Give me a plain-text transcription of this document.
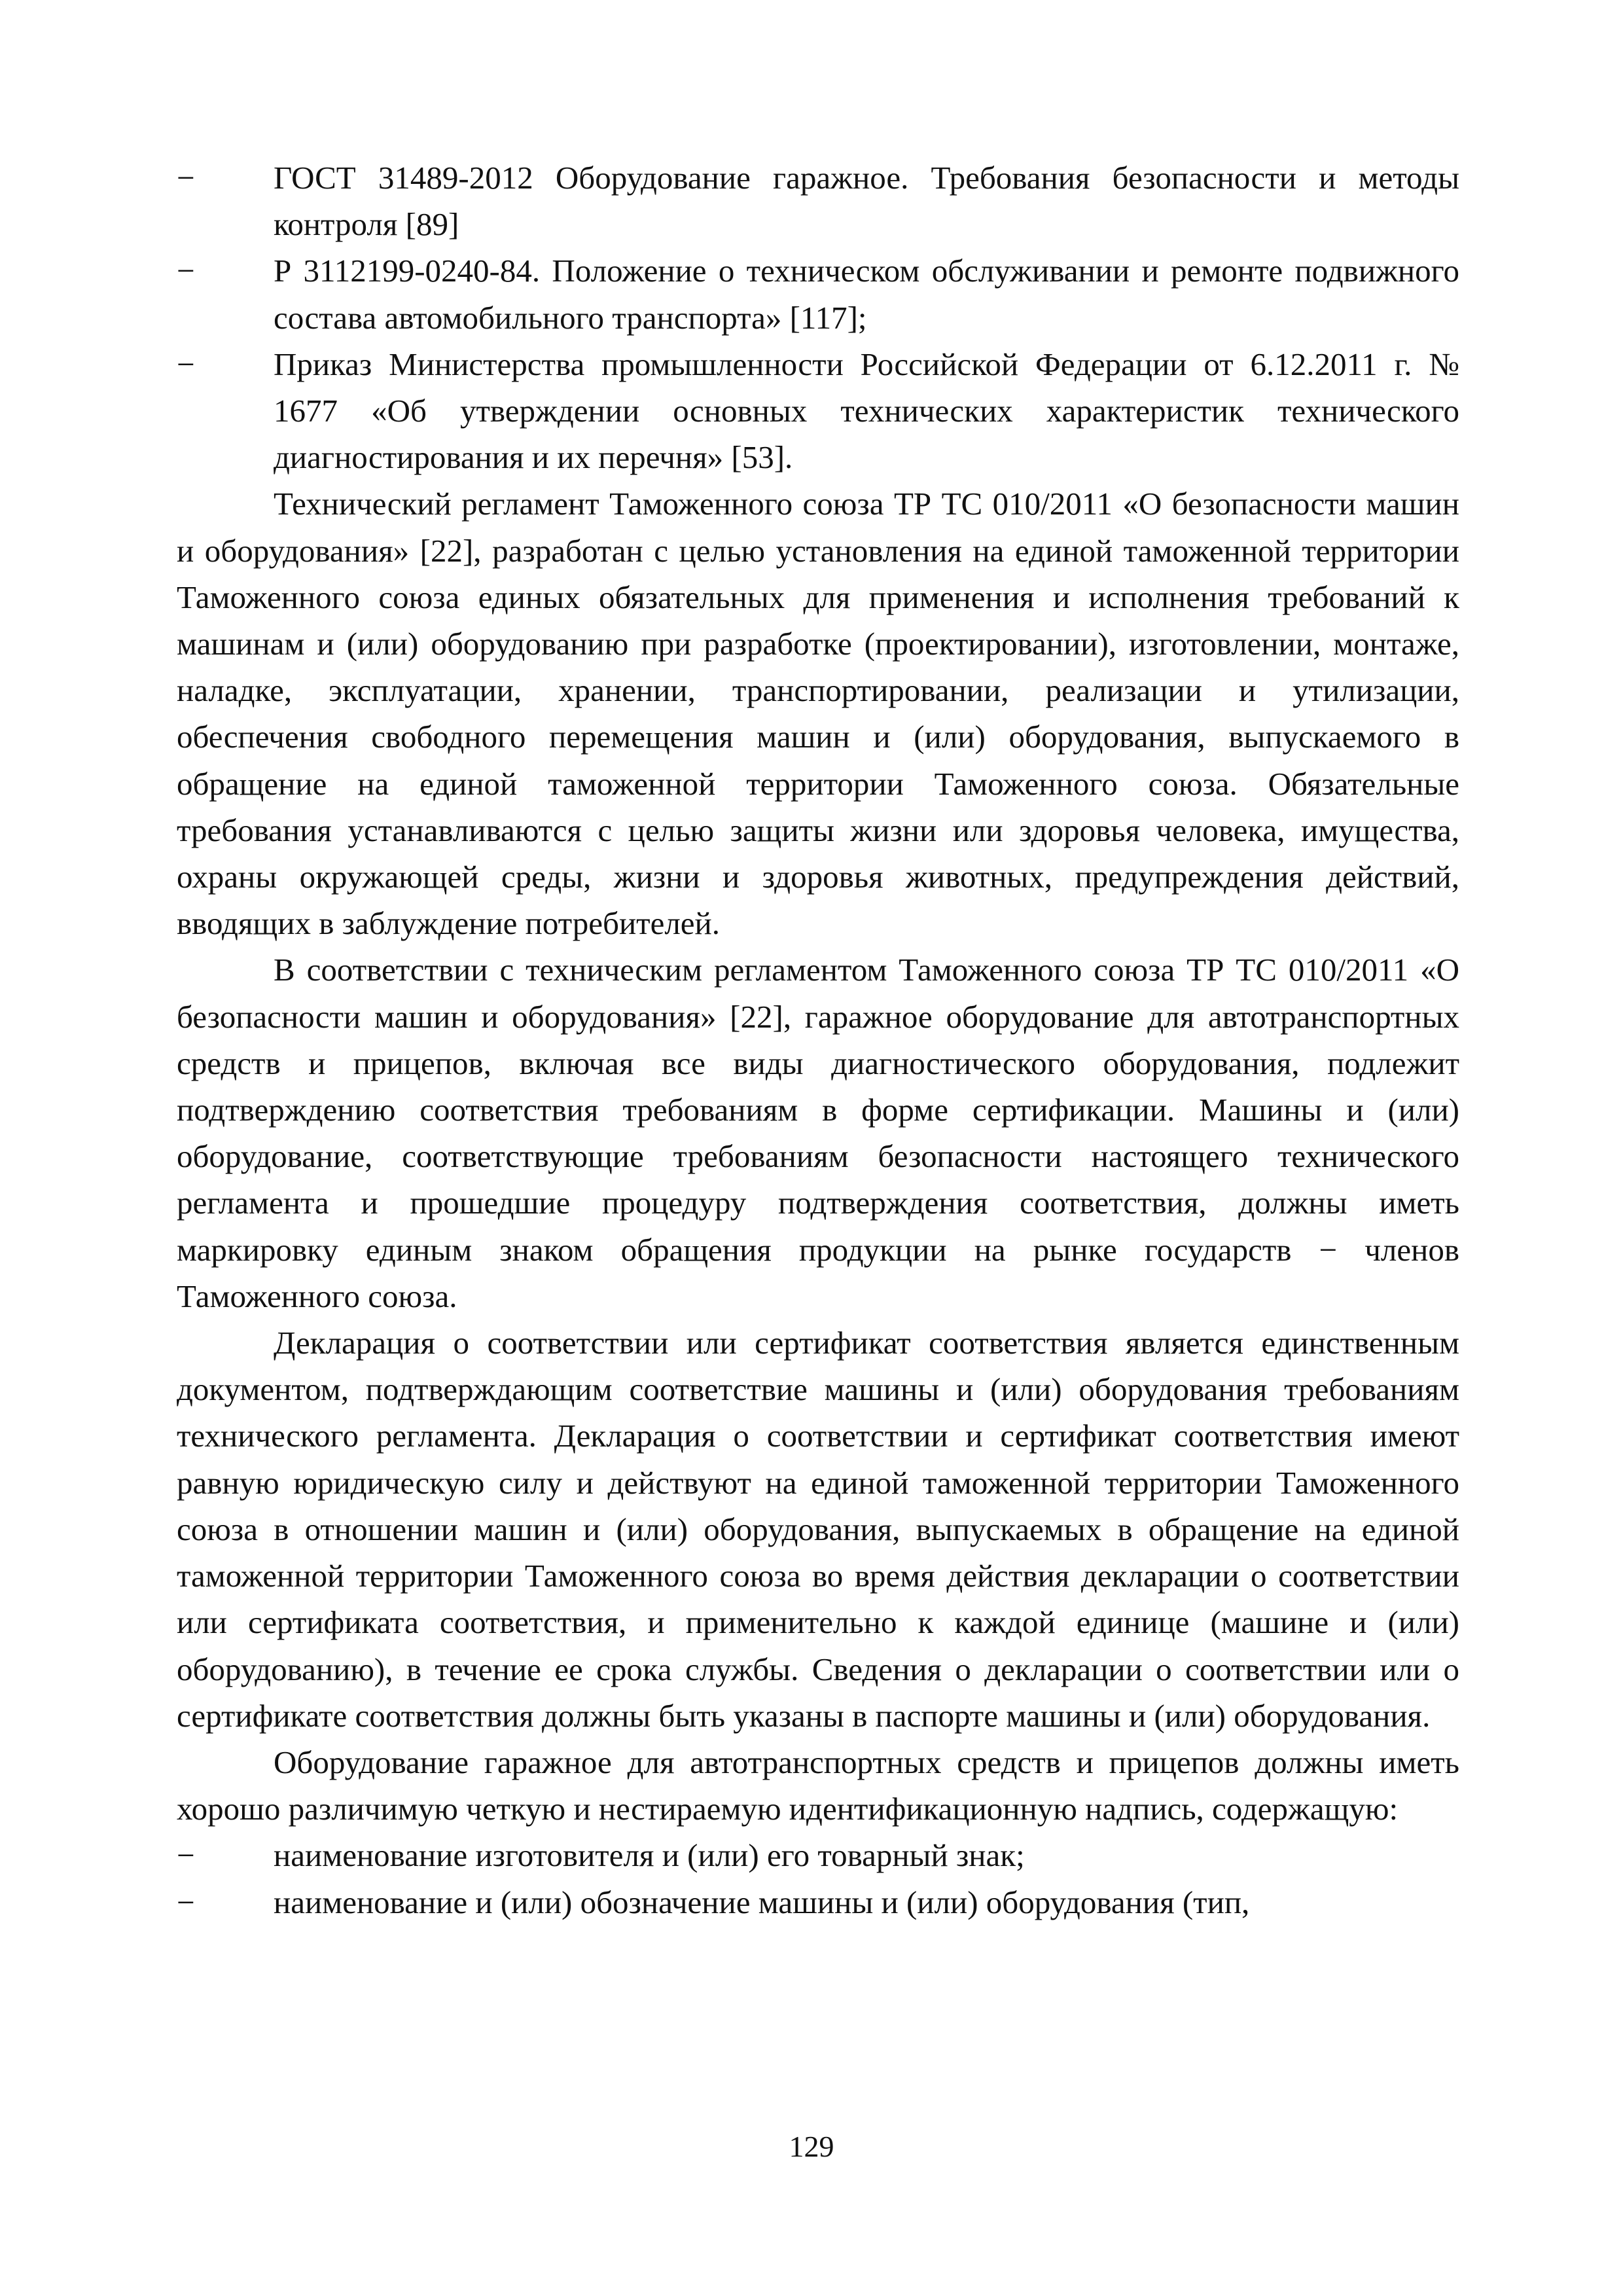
− ГОСТ 31489-2012 Оборудование гаражное. Требования безопасности и методы контроля [89]
− Р 3112199-0240-84. Положение о техническом обслуживании и ремонте подвижного состава автомобильного транспорта» [117];
− Приказ Министерства промышленности Российской Федерации от 6.12.2011 г. № 1677 «Об утверждении основных технических характеристик технического диагностирования и их перечня» [53].

Технический регламент Таможенного союза ТР ТС 010/2011 «О безопасности машин и оборудования» [22], разработан с целью установления на единой таможенной территории Таможенного союза единых обязательных для применения и исполнения требований к машинам и (или) оборудованию при разработке (проектировании), изготовлении, монтаже, наладке, эксплуатации, хранении, транспортировании, реализации и утилизации, обеспечения свободного перемещения машин и (или) оборудования, выпускаемого в обращение на единой таможенной территории Таможенного союза. Обязательные требования устанавливаются с целью защиты жизни или здоровья человека, имущества, охраны окружающей среды, жизни и здоровья животных, предупреждения действий, вводящих в заблуждение потребителей.

В соответствии с техническим регламентом Таможенного союза ТР ТС 010/2011 «О безопасности машин и оборудования» [22], гаражное оборудование для автотранспортных средств и прицепов, включая все виды диагностического оборудования, подлежит подтверждению соответствия требованиям в форме сертификации. Машины и (или) оборудование, соответствующие требованиям безопасности настоящего технического регламента и прошедшие процедуру подтверждения соответствия, должны иметь маркировку единым знаком обращения продукции на рынке государств − членов Таможенного союза.

Декларация о соответствии или сертификат соответствия является единственным документом, подтверждающим соответствие машины и (или) оборудования требованиям технического регламента. Декларация о соответствии и сертификат соответствия имеют равную юридическую силу и действуют на единой таможенной территории Таможенного союза в отношении машин и (или) оборудования, выпускаемых в обращение на единой таможенной территории Таможенного союза во время действия декларации о соответствии или сертификата соответствия, и применительно к каждой единице (машине и (или) оборудованию), в течение ее срока службы. Сведения о декларации о соответствии или о сертификате соответствия должны быть указаны в паспорте машины и (или) оборудования.

Оборудование гаражное для автотранспортных средств и прицепов должны иметь хорошо различимую четкую и нестираемую идентификационную надпись, содержащую:

− наименование изготовителя и (или) его товарный знак;
− наименование и (или) обозначение машины и (или) оборудования (тип,
129
